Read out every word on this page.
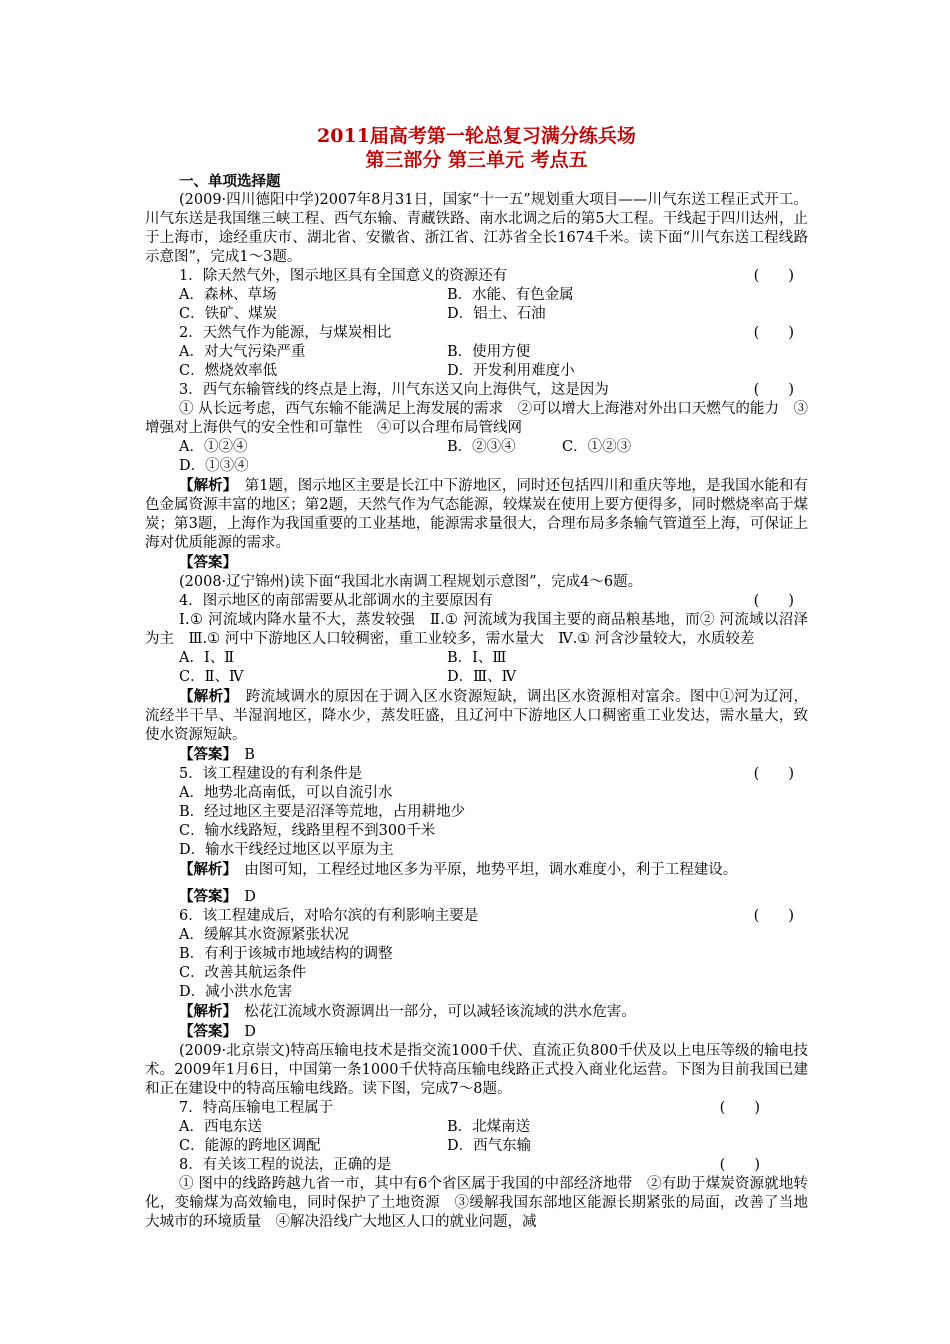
2011届高考第一轮总复习满分练兵场
第三部分 第三单元 考点五
一、单项选择题
(2009·四川德阳中学)2007年8月31日，国家“十一五”规划重大项目——川气东送工程正式开工。川气东送是我国继三峡工程、西气东输、青藏铁路、南水北调之后的第5大工程。干线起于四川达州，止于上海市，途经重庆市、湖北省、安徽省、浙江省、江苏省全长1674千米。读下面“川气东送工程线路示意图”，完成1～3题。
1．除天然气外，图示地区具有全国意义的资源还有	(　　)
A．森林、草场	B．水能、有色金属
C．铁矿、煤炭	D．铝土、石油
2．天然气作为能源，与煤炭相比	(　　)
A．对大气污染严重	B．使用方便
C．燃烧效率低	D．开发利用难度小
3．西气东输管线的终点是上海，川气东送又向上海供气，这是因为	(　　)
① 从长远考虑，西气东输不能满足上海发展的需求　②可以增大上海港对外出口天燃气的能力　③增强对上海供气的安全性和可靠性　④可以合理布局管线网
A．①②④	B．②③④	C．①②③
D．①③④
【解析】　 第1题，图示地区主要是长江中下游地区，同时还包括四川和重庆等地，是我国水能和有色金属资源丰富的地区；第2题，天然气作为气态能源，较煤炭在使用上要方便得多，同时燃烧率高于煤炭；第3题，上海作为我国重要的工业基地，能源需求量很大，合理布局多条输气管道至上海，可保证上海对优质能源的需求。
【答案】
(2008·辽宁锦州)读下面“我国北水南调工程规划示意图”，完成4～6题。
4．图示地区的南部需要从北部调水的主要原因有	(　　)
Ⅰ.① 河流域内降水量不大，蒸发较强　Ⅱ.① 河流域为我国主要的商品粮基地，而② 河流域以沼泽为主　Ⅲ.① 河中下游地区人口较稠密，重工业较多，需水量大　Ⅳ.① 河含沙量较大，水质较差
A．Ⅰ、Ⅱ	B．Ⅰ、Ⅲ
C．Ⅱ、Ⅳ	D．Ⅲ、Ⅳ
【解析】　 跨流域调水的原因在于调入区水资源短缺，调出区水资源相对富余。图中①河为辽河，流经半干旱、半湿润地区，降水少，蒸发旺盛，且辽河中下游地区人口稠密重工业发达，需水量大，致使水资源短缺。
【答案】　 B
5．该工程建设的有利条件是	(　　)
A．地势北高南低，可以自流引水
B．经过地区主要是沼泽等荒地，占用耕地少
C．输水线路短，线路里程不到300千米
D．输水干线经过地区以平原为主
【解析】　 由图可知，工程经过地区多为平原，地势平坦，调水难度小，利于工程建设。
【答案】　 D
6．该工程建成后，对哈尔滨的有利影响主要是	(　　)
A．缓解其水资源紧张状况
B．有利于该城市地域结构的调整
C．改善其航运条件
D．减小洪水危害
【解析】　 松花江流域水资源调出一部分，可以减轻该流域的洪水危害。
【答案】　 D
(2009·北京崇文)特高压输电技术是指交流1000千伏、直流正负800千伏及以上电压等级的输电技术。2009年1月6日，中国第一条1000千伏特高压输电线路正式投入商业化运营。下图为目前我国已建和正在建设中的特高压输电线路。读下图，完成7～8题。
7．特高压输电工程属于	(　　)
A．西电东送	B．北煤南送
C．能源的跨地区调配	D．西气东输
8．有关该工程的说法，正确的是	(　　)
① 图中的线路跨越九省一市，其中有6个省区属于我国的中部经济地带　②有助于煤炭资源就地转化，变输煤为高效输电，同时保护了土地资源　③缓解我国东部地区能源长期紧张的局面，改善了当地大城市的环境质量　④解决沿线广大地区人口的就业问题，减
